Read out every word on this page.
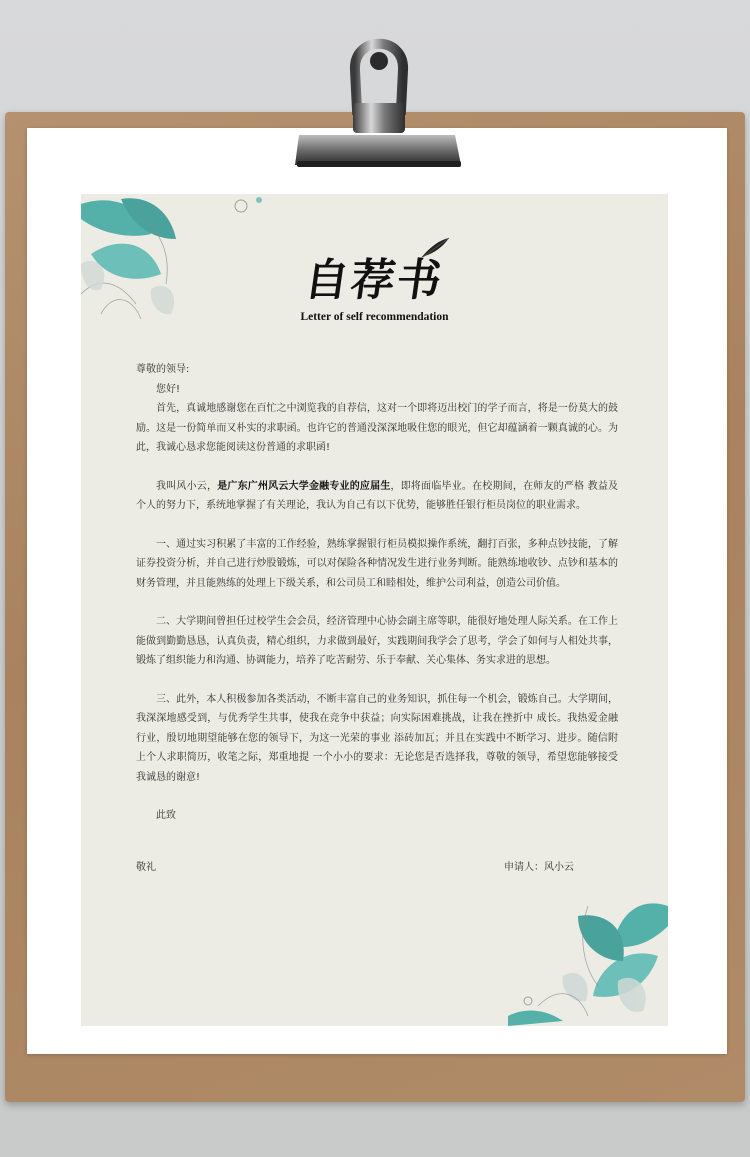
自荐书
Letter of self recommendation

尊敬的领导:

您好!

首先，真诚地感谢您在百忙之中浏览我的自荐信，这对一个即将迈出校门的学子而言，将是一份莫大的鼓励。这是一份简单而又朴实的求职函。也许它的普通没深深地吸住您的眼光，但它却蕴涵着一颗真诚的心。为此，我诚心恳求您能阅读这份普通的求职函!

我叫风小云，是广东广州风云大学金融专业的应届生，即将面临毕业。在校期间，在师友的严格 教益及个人的努力下，系统地掌握了有关理论，我认为自己有以下优势，能够胜任银行柜员岗位的职业需求。

一、通过实习积累了丰富的工作经验，熟练掌握银行柜员模拟操作系统，翻打百张，多种点钞技能，了解证券投资分析，并自己进行炒股锻炼，可以对保险各种情况发生进行业务判断。能熟练地收钞、点钞和基本的财务管理，并且能熟练的处理上下级关系，和公司员工和睦相处，维护公司利益，创造公司价值。

二、大学期间曾担任过校学生会会员，经济管理中心协会副主席等职，能很好地处理人际关系。在工作上能做到勤勤恳恳，认真负责，精心组织，力求做到最好，实践期间我学会了思考，学会了如何与人相处共事，锻炼了组织能力和沟通、协调能力，培养了吃苦耐劳、乐于奉献、关心集体、务实求进的思想。

三、此外，本人积极参加各类活动，不断丰富自己的业务知识，抓住每一个机会，锻炼自己。大学期间，我深深地感受到，与优秀学生共事，使我在竞争中获益；向实际困难挑战，让我在挫折中 成长。我热爱金融行业，殷切地期望能够在您的领导下，为这一光荣的事业 添砖加瓦；并且在实践中不断学习、进步。随信附上个人求职简历，收笔之际，郑重地提 一个小小的要求：无论您是否选择我，尊敬的领导，希望您能够接受我诚恳的谢意!

此致

敬礼	申请人：风小云
